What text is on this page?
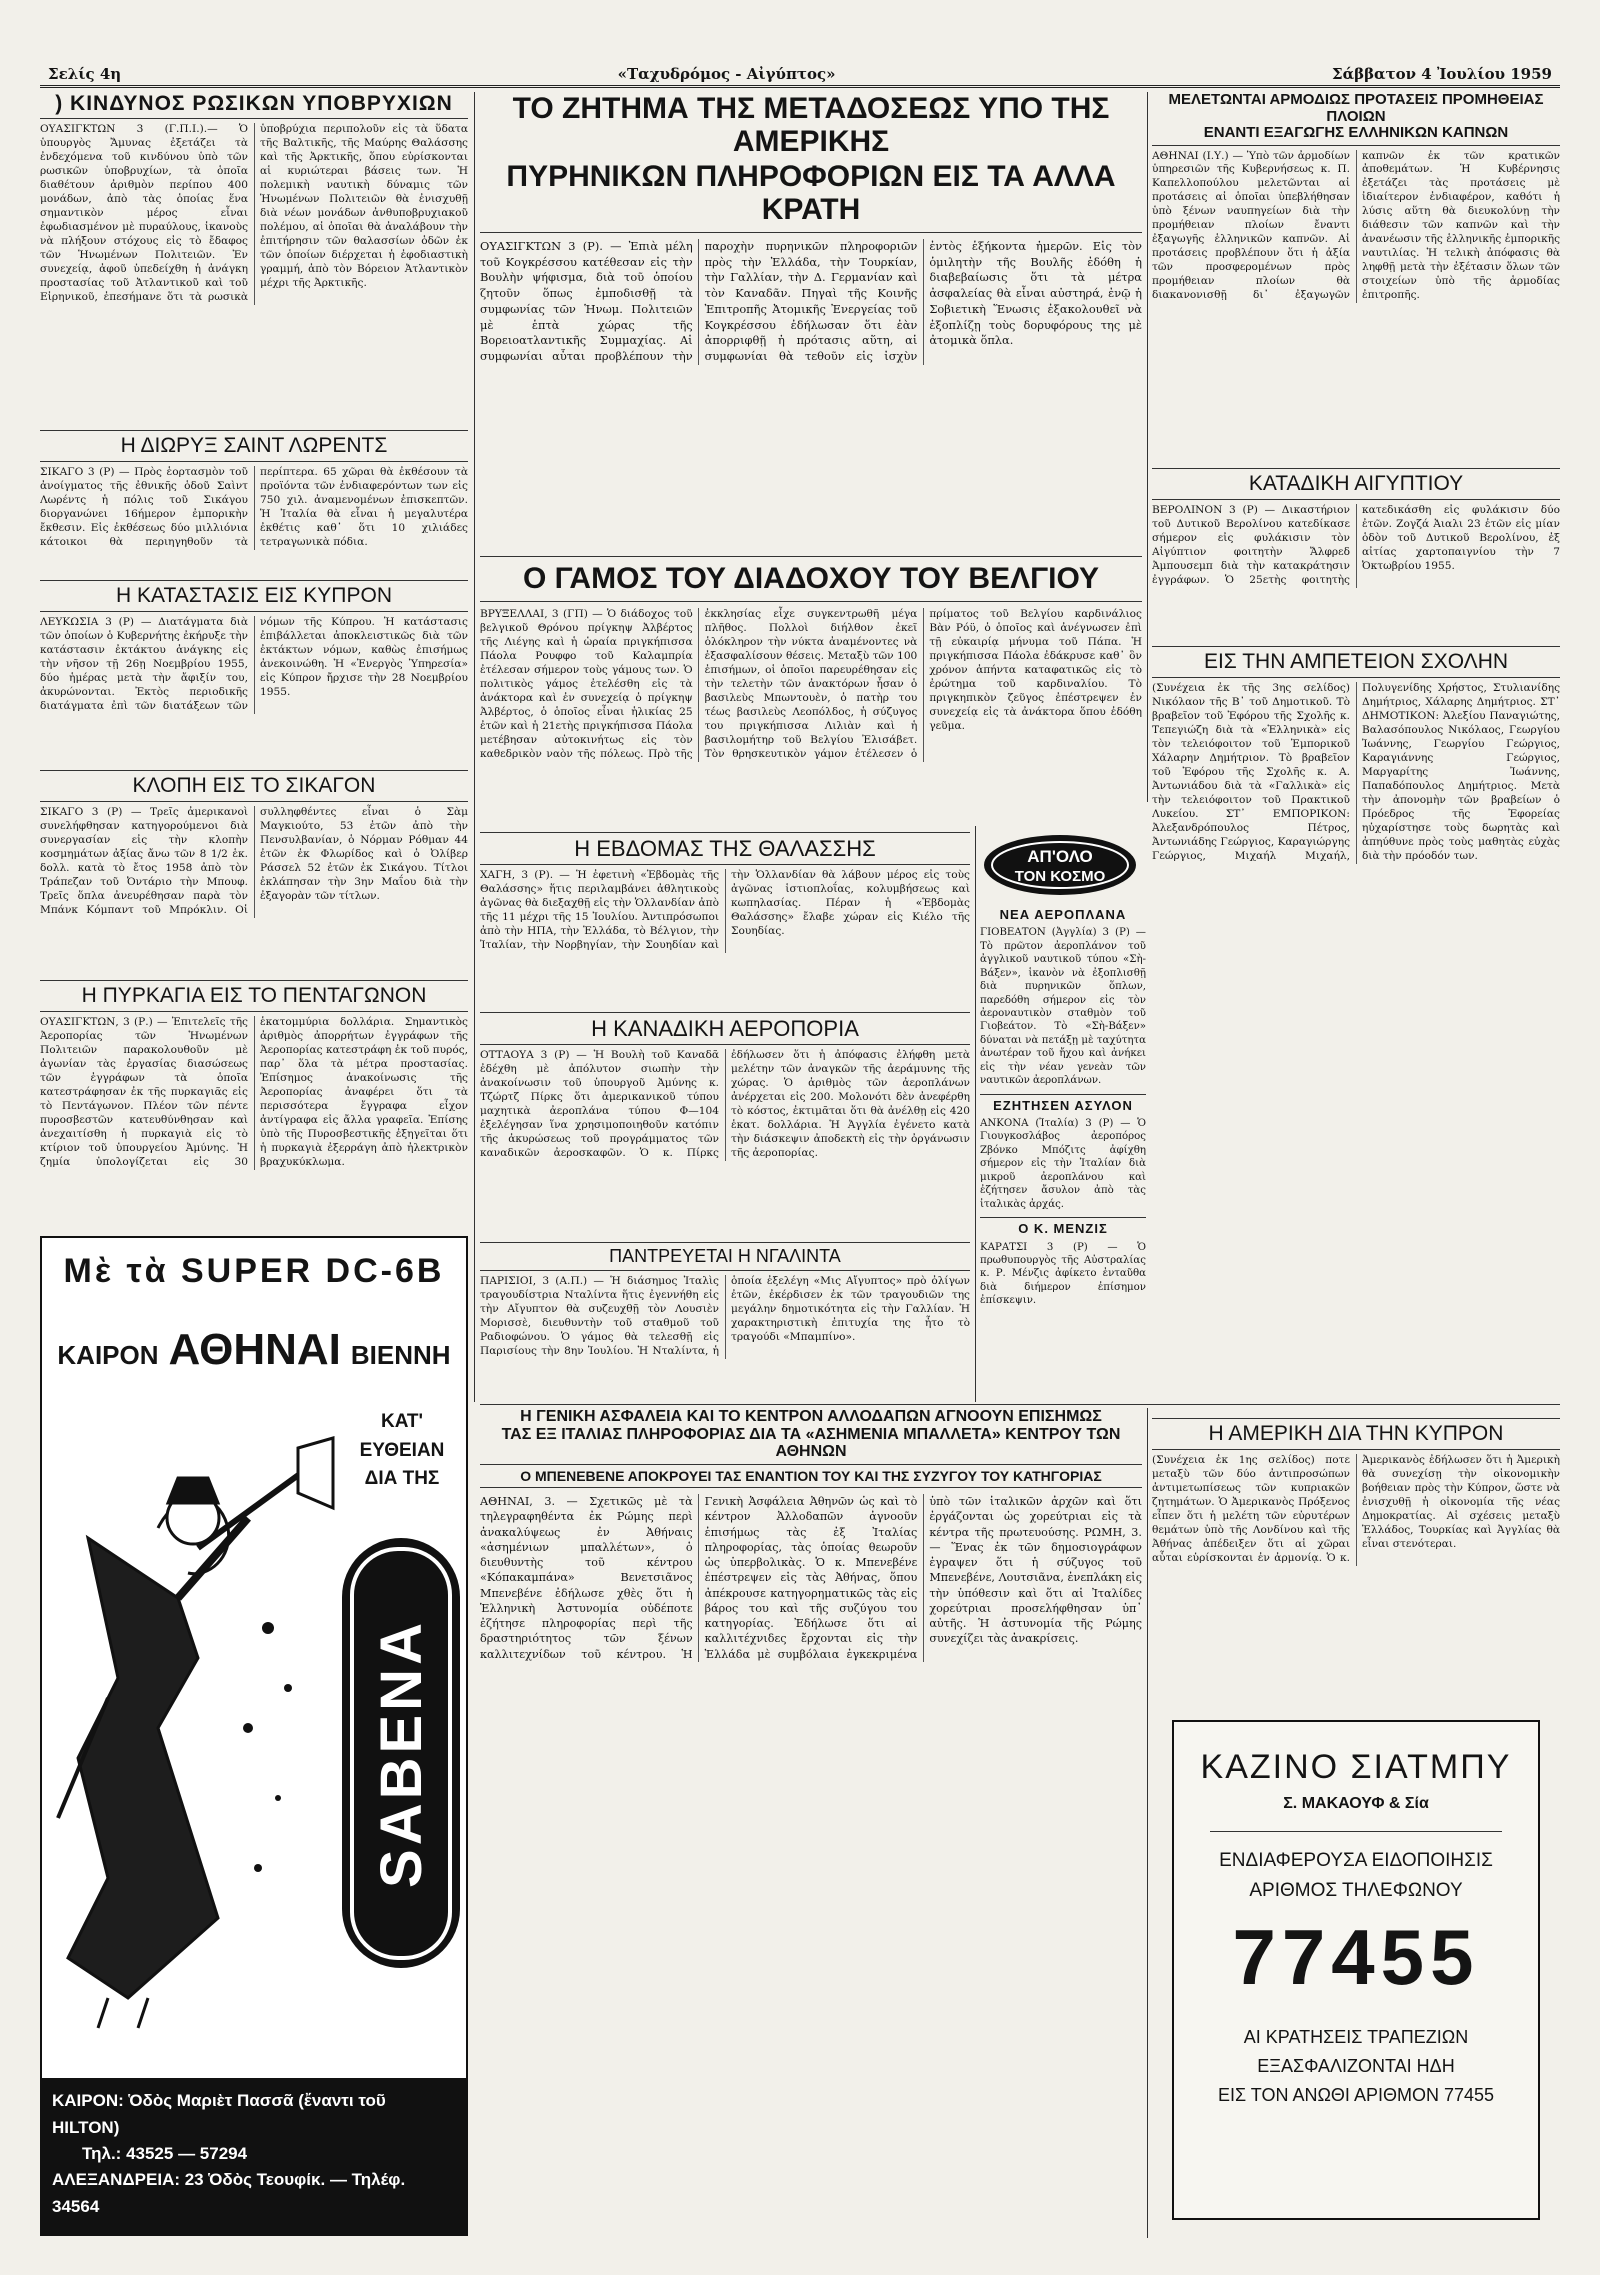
Σελίς 4η	«Ταχυδρόμος - Αἰγύπτος»	Σάββατον 4 Ἰουλίου 1959
) ΚΙΝΔΥΝΟΣ ΡΩΣΙΚΩΝ ΥΠΟΒΡΥΧΙΩΝ
ΟΥΑΣΙΓΚΤΩΝ 3 (Γ.Π.Ι.).— Ὁ ὑπουργὸς Ἄμυνας ἐξετάζει τὰ ἐνδεχόμενα τοῦ κινδύνου ὑπὸ τῶν ρωσικῶν ὑποβρυχίων, τὰ ὁποῖα διαθέτουν ἀριθμὸν περίπου 400 μονάδων, ἀπὸ τὰς ὁποίας ἕνα σημαντικὸν μέρος εἶναι ἐφωδιασμένον μὲ πυραύλους, ἱκανοὺς νὰ πλήξουν στόχους εἰς τὸ ἔδαφος τῶν Ἡνωμένων Πολιτειῶν. Ἐν συνεχείᾳ, ἀφοῦ ὑπεδείχθη ἡ ἀνάγκη προστασίας τοῦ Ἀτλαντικοῦ καὶ τοῦ Εἰρηνικοῦ, ἐπεσήμανε ὅτι τὰ ρωσικὰ ὑποβρύχια περιπολοῦν εἰς τὰ ὕδατα τῆς Βαλτικῆς, τῆς Μαύρης Θαλάσσης καὶ τῆς Ἀρκτικῆς, ὅπου εὑρίσκονται αἱ κυριώτεραι βάσεις των. Ἡ πολεμικὴ ναυτικὴ δύναμις τῶν Ἡνωμένων Πολιτειῶν θὰ ἐνισχυθῇ διὰ νέων μονάδων ἀνθυποβρυχιακοῦ πολέμου, αἱ ὁποῖαι θὰ ἀναλάβουν τὴν ἐπιτήρησιν τῶν θαλασσίων ὁδῶν ἐκ τῶν ὁποίων διέρχεται ἡ ἐφοδιαστικὴ γραμμή, ἀπὸ τὸν Βόρειον Ἀτλαντικὸν μέχρι τῆς Ἀρκτικῆς.
Η ΔΙΩΡΥΞ ΣΑΙΝΤ ΛΩΡΕΝΤΣ
ΣΙΚΑΓΟ 3 (Ρ) — Πρὸς ἑορτασμὸν τοῦ ἀνοίγματος τῆς ἐθνικῆς ὁδοῦ Σαὶντ Λωρέντς ἡ πόλις τοῦ Σικάγου διοργανώνει 16ήμερον ἐμπορικὴν ἔκθεσιν. Εἰς ἐκθέσεως δύο μιλλιόνια κάτοικοι θὰ περιηγηθοῦν τὰ περίπτερα. 65 χῶραι θὰ ἐκθέσουν τὰ προϊόντα τῶν ἐνδιαφερόντων των εἰς 750 χιλ. ἀναμενομένων ἐπισκεπτῶν. Ἡ Ἰταλία θὰ εἶναι ἡ μεγαλυτέρα ἐκθέτις καθ᾽ ὅτι 10 χιλιάδες τετραγωνικὰ πόδια.
Η ΚΑΤΑΣΤΑΣΙΣ ΕΙΣ ΚΥΠΡΟΝ
ΛΕΥΚΩΣΙΑ 3 (Ρ) — Διατάγματα διὰ τῶν ὁποίων ὁ Κυβερνήτης ἐκήρυξε τὴν κατάστασιν ἐκτάκτου ἀνάγκης εἰς τὴν νῆσον τῇ 26ῃ Νοεμβρίου 1955, δύο ἡμέρας μετὰ τὴν ἄφιξίν του, ἀκυρώνονται. Ἐκτὸς περιοδικῆς διατάγματα ἐπὶ τῶν διατάξεων τῶν νόμων τῆς Κύπρου. Ἡ κατάστασις ἐπιβάλλεται ἀποκλειστικῶς διὰ τῶν ἐκτάκτων νόμων, καθὼς ἐπισήμως ἀνεκοινώθη. Ἡ «Ἐνεργὸς Ὑπηρεσία» εἰς Κύπρον ἤρχισε τὴν 28 Νοεμβρίου 1955.
ΚΛΟΠΗ ΕΙΣ ΤΟ ΣΙΚΑΓΟΝ
ΣΙΚΑΓΟ 3 (Ρ) — Τρεῖς ἀμερικανοὶ συνελήφθησαν κατηγορούμενοι διὰ συνεργασίαν εἰς τὴν κλοπὴν κοσμημάτων ἀξίας ἄνω τῶν 8 1/2 ἑκ. δολλ. κατὰ τὸ ἔτος 1958 ἀπὸ τὸν Τράπεζαν τοῦ Ὀντάριο τὴν Μπουφ. Τρεῖς ὅπλα ἀνευρέθησαν παρὰ τὸν Μπάνκ Κόμπαντ τοῦ Μπρόκλιν. Οἱ συλληφθέντες εἶναι ὁ Σὰμ Μαγκιούτο, 53 ἐτῶν ἀπὸ τὴν Πενσυλβανίαν, ὁ Νόρμαν Ρόθμαν 44 ἐτῶν ἐκ Φλωρίδος καὶ ὁ Ὀλίβερ Ράσσελ 52 ἐτῶν ἐκ Σικάγου. Τίτλοι ἐκλάπησαν τὴν 3ην Μαΐου διὰ τὴν ἐξαγορὰν τῶν τίτλων.
Η ΠΥΡΚΑΓΙΑ ΕΙΣ ΤΟ ΠΕΝΤΑΓΩΝΟΝ
ΟΥΑΣΙΓΚΤΩΝ, 3 (Ρ.) — Ἐπιτελεῖς τῆς Ἀεροπορίας τῶν Ἡνωμένων Πολιτειῶν παρακολουθοῦν μὲ ἀγωνίαν τὰς ἐργασίας διασώσεως τῶν ἐγγράφων τὰ ὁποῖα κατεστράφησαν ἐκ τῆς πυρκαγιᾶς εἰς τὸ Πεντάγωνον. Πλέον τῶν πέντε πυροσβεστῶν κατευθύνθησαν καὶ ἀνεχαιτίσθη ἡ πυρκαγιὰ εἰς τὸ κτίριον τοῦ ὑπουργείου Ἀμύνης. Ἡ ζημία ὑπολογίζεται εἰς 30 ἑκατομμύρια δολλάρια. Σημαντικὸς ἀριθμὸς ἀπορρήτων ἐγγράφων τῆς Ἀεροπορίας κατεστράφη ἐκ τοῦ πυρός, παρ᾽ ὅλα τὰ μέτρα προστασίας. Ἐπίσημος ἀνακοίνωσις τῆς Ἀεροπορίας ἀναφέρει ὅτι τὰ περισσότερα ἔγγραφα εἶχον ἀντίγραφα εἰς ἄλλα γραφεῖα. Ἐπίσης ὑπὸ τῆς Πυροσβεστικῆς ἐξηγεῖται ὅτι ἡ πυρκαγιὰ ἐξερράγη ἀπὸ ἠλεκτρικὸν βραχυκύκλωμα.
Μὲ τὰ SUPER DC-6B
ΚΑΙΡΟΝ ΑΘΗΝΑΙ ΒΙΕΝΝΗ
ΚΑΤ' ΕΥΘΕΙΑΝ
ΔΙΑ ΤΗΣ
SABENA
ΚΑΙΡΟΝ: Ὁδὸς Μαριὲτ Πασσᾶ (ἔναντι τοῦ HILTON)
Τηλ.: 43525 — 57294
ΑΛΕΞΑΝΔΡΕΙΑ: 23 Ὁδὸς Τεουφίκ. — Τηλέφ. 34564
ΤΟ ΖΗΤΗΜΑ ΤΗΣ ΜΕΤΑΔΟΣΕΩΣ ΥΠΟ ΤΗΣ ΑΜΕΡΙΚΗΣ
ΠΥΡΗΝΙΚΩΝ ΠΛΗΡΟΦΟΡΙΩΝ ΕΙΣ ΤΑ ΑΛΛΑ ΚΡΑΤΗ
ΟΥΑΣΙΓΚΤΩΝ 3 (Ρ). — Ἐπιὰ μέλη τοῦ Κογκρέσσου κατέθεσαν εἰς τὴν Βουλὴν ψήφισμα, διὰ τοῦ ὁποίου ζητοῦν ὅπως ἐμποδισθῇ τὰ συμφωνίας τῶν Ἡνωμ. Πολιτειῶν μὲ ἑπτὰ χώρας τῆς Βορειοατλαντικῆς Συμμαχίας. Αἱ συμφωνίαι αὗται προβλέπουν τὴν παροχὴν πυρηνικῶν πληροφοριῶν πρὸς τὴν Ἑλλάδα, τὴν Τουρκίαν, τὴν Γαλλίαν, τὴν Δ. Γερμανίαν καὶ τὸν Καναδᾶν. Πηγαὶ τῆς Κοινῆς Ἐπιτροπῆς Ἀτομικῆς Ἐνεργείας τοῦ Κογκρέσσου ἐδήλωσαν ὅτι ἐὰν ἀπορριφθῇ ἡ πρότασις αὕτη, αἱ συμφωνίαι θὰ τεθοῦν εἰς ἰσχὺν ἐντὸς ἑξήκοντα ἡμερῶν. Εἰς τὸν ὁμιλητὴν τῆς Βουλῆς ἐδόθη ἡ διαβεβαίωσις ὅτι τὰ μέτρα ἀσφαλείας θὰ εἶναι αὐστηρά, ἐνῷ ἡ Σοβιετικὴ Ἕνωσις ἐξακολουθεῖ νὰ ἐξοπλίζῃ τοὺς δορυφόρους της μὲ ἀτομικὰ ὅπλα.
ΜΕΛΕΤΩΝΤΑΙ ΑΡΜΟΔΙΩΣ ΠΡΟΤΑΣΕΙΣ ΠΡΟΜΗΘΕΙΑΣ ΠΛΟΙΩΝ
ΕΝΑΝΤΙ ΕΞΑΓΩΓΗΣ ΕΛΛΗΝΙΚΩΝ ΚΑΠΝΩΝ
ΑΘΗΝΑΙ (Ι.Υ.) — Ὑπὸ τῶν ἀρμοδίων ὑπηρεσιῶν τῆς Κυβερνήσεως κ. Π. Καπελλοπούλου μελετῶνται αἱ προτάσεις αἱ ὁποῖαι ὑπεβλήθησαν ὑπὸ ξένων ναυπηγείων διὰ τὴν προμήθειαν πλοίων ἔναντι ἐξαγωγῆς ἑλληνικῶν καπνῶν. Αἱ προτάσεις προβλέπουν ὅτι ἡ ἀξία τῶν προσφερομένων πρὸς προμήθειαν πλοίων θὰ διακανονισθῇ δι᾽ ἐξαγωγῶν καπνῶν ἐκ τῶν κρατικῶν ἀποθεμάτων. Ἡ Κυβέρνησις ἐξετάζει τὰς προτάσεις μὲ ἰδιαίτερον ἐνδιαφέρον, καθότι ἡ λύσις αὕτη θὰ διευκολύνῃ τὴν διάθεσιν τῶν καπνῶν καὶ τὴν ἀνανέωσιν τῆς ἑλληνικῆς ἐμπορικῆς ναυτιλίας. Ἡ τελικὴ ἀπόφασις θὰ ληφθῇ μετὰ τὴν ἐξέτασιν ὅλων τῶν στοιχείων ὑπὸ τῆς ἁρμοδίας ἐπιτροπῆς.
ΚΑΤΑΔΙΚΗ ΑΙΓΥΠΤΙΟΥ
ΒΕΡΟΛΙΝΟΝ 3 (Ρ) — Δικαστήριον τοῦ Δυτικοῦ Βερολίνου κατεδίκασε σήμερον εἰς φυλάκισιν τὸν Αἰγύπτιον φοιτητὴν Ἄλφρεδ Ἀμπουσεμπ διὰ τὴν κατακράτησιν ἐγγράφων. Ὁ 25ετὴς φοιτητὴς κατεδικάσθη εἰς φυλάκισιν δύο ἐτῶν. Ζογζά Ἀιαλι 23 ἐτῶν εἰς μίαν ὁδὸν τοῦ Δυτικοῦ Βερολίνου, ἐξ αἰτίας χαρτοπαιγνίου τὴν 7 Ὀκτωβρίου 1955.
Ο ΓΑΜΟΣ ΤΟΥ ΔΙΑΔΟΧΟΥ ΤΟΥ ΒΕΛΓΙΟΥ
ΒΡΥΞΕΛΛΑΙ, 3 (ΓΠ) — Ὁ διάδοχος τοῦ βελγικοῦ Θρόνου πρίγκηψ Ἀλβέρτος τῆς Λιέγης καὶ ἡ ὡραία πριγκήπισσα Πάολα Ρουφφο τοῦ Καλαμπρία ἐτέλεσαν σήμερον τοὺς γάμους των. Ὁ πολιτικὸς γάμος ἐτελέσθη εἰς τὰ ἀνάκτορα καὶ ἐν συνεχείᾳ ὁ πρίγκηψ Ἀλβέρτος, ὁ ὁποῖος εἶναι ἡλικίας 25 ἐτῶν καὶ ἡ 21ετὴς πριγκήπισσα Πάολα μετέβησαν αὐτοκινήτως εἰς τὸν καθεδρικὸν ναὸν τῆς πόλεως. Πρὸ τῆς ἐκκλησίας εἶχε συγκεντρωθῆ μέγα πλῆθος. Πολλοὶ διήλθον ἐκεῖ ὁλόκληρον τὴν νύκτα ἀναμένοντες νὰ ἐξασφαλίσουν θέσεις. Μεταξὺ τῶν 100 ἐπισήμων, οἱ ὁποῖοι παρευρέθησαν εἰς τὴν τελετὴν τῶν ἀνακτόρων ἦσαν ὁ βασιλεὺς Μπωντουὲν, ὁ πατὴρ του τέως βασιλεὺς Λεοπόλδος, ἡ σύζυγος του πριγκήπισσα Λιλιὰν καὶ ἡ βασιλομήτηρ τοῦ Βελγίου Ἐλισάβετ. Τὸν θρησκευτικὸν γάμον ἐτέλεσεν ὁ πρίματος τοῦ Βελγίου καρδινάλιος Βὰν Ρόϋ, ὁ ὁποῖος καὶ ἀνέγνωσεν ἐπὶ τῇ εὐκαιρίᾳ μήνυμα τοῦ Πάπα. Ἡ πριγκήπισσα Πάολα ἐδάκρυσε καθ᾽ ὃν χρόνον ἀπήντα καταφατικῶς εἰς τὸ ἐρώτημα τοῦ καρδιναλίου. Τὸ πριγκηπικὸν ζεῦγος ἐπέστρεψεν ἐν συνεχείᾳ εἰς τὰ ἀνάκτορα ὅπου ἐδόθη γεῦμα.
ΕΙΣ ΤΗΝ ΑΜΠΕΤΕΙΟΝ ΣΧΟΛΗΝ
(Συνέχεια ἐκ τῆς 3ης σελίδος) Νικόλαον τῆς Β᾽ τοῦ Δημοτικοῦ. Τὸ βραβεῖον τοῦ Ἐφόρου τῆς Σχολῆς κ. Τεπεγιώζη διὰ τὰ «Ἑλληνικὰ» εἰς τὸν τελειόφοιτον τοῦ Ἐμπορικοῦ Χάλαρην Δημήτριον. Τὸ βραβεῖον τοῦ Ἐφόρου τῆς Σχολῆς κ. Α. Ἀντωνιάδου διὰ τὰ «Γαλλικὰ» εἰς τὴν τελειόφοιτον τοῦ Πρακτικοῦ Λυκείου. ΣΤ᾽ ΕΜΠΟΡΙΚΟΝ: Ἀλεξανδρόπουλος Πέτρος, Ἀντωνιάδης Γεώργιος, Καραγιώργης Γεώργιος, Μιχαήλ Μιχαήλ, Πολυγενίδης Χρήστος, Στυλιανίδης Δημήτριος, Χάλαρης Δημήτριος. ΣΤ᾽ ΔΗΜΟΤΙΚΟΝ: Ἀλεξίου Παναγιώτης, Βαλασόπουλος Νικόλαος, Γεωργίου Ἰωάννης, Γεωργίου Γεώργιος, Καραγιάννης Γεώργιος, Μαργαρίτης Ἰωάννης, Παπαδόπουλος Δημήτριος. Μετὰ τὴν ἀπονομὴν τῶν βραβείων ὁ Πρόεδρος τῆς Ἐφορείας ηὐχαρίστησε τοὺς δωρητὰς καὶ ἀπηύθυνε πρὸς τοὺς μαθητὰς εὐχὰς διὰ τὴν πρόοδόν των.
Η ΕΒΔΟΜΑΣ ΤΗΣ ΘΑΛΑΣΣΗΣ
ΧΑΓΗ, 3 (Ρ). — Ἡ ἐφετινὴ «Ἑβδομὰς τῆς Θαλάσσης» ἥτις περιλαμβάνει ἀθλητικοὺς ἀγῶνας θὰ διεξαχθῇ εἰς τὴν Ὁλλανδίαν ἀπὸ τῆς 11 μέχρι τῆς 15 Ἰουλίου. Ἀντιπρόσωποι ἀπὸ τὴν ΗΠΑ, τὴν Ἑλλάδα, τὸ Βέλγιον, τὴν Ἰταλίαν, τὴν Νορβηγίαν, τὴν Σουηδίαν καὶ τὴν Ὁλλανδίαν θὰ λάβουν μέρος εἰς τοὺς ἀγῶνας ἱστιοπλοΐας, κολυμβήσεως καὶ κωπηλασίας. Πέραν ἡ «Ἑβδομὰς Θαλάσσης» ἔλαβε χώραν εἰς Κιέλο τῆς Σουηδίας.
Η ΚΑΝΑΔΙΚΗ ΑΕΡΟΠΟΡΙΑ
ΟΤΤΑΟΥΑ 3 (Ρ) — Ἡ Βουλὴ τοῦ Καναδᾶ ἐδέχθη μὲ ἀπόλυτον σιωπὴν τὴν ἀνακοίνωσιν τοῦ ὑπουργοῦ Ἀμύνης κ. Τζώρτζ Πίρκς ὅτι ἀμερικανικοῦ τύπου μαχητικὰ ἀεροπλάνα τύπου Φ—104 ἐξελέγησαν ἵνα χρησιμοποιηθοῦν κατόπιν τῆς ἀκυρώσεως τοῦ προγράμματος τῶν καναδικῶν ἀεροσκαφῶν. Ὁ κ. Πίρκς ἐδήλωσεν ὅτι ἡ ἀπόφασις ἐλήφθη μετὰ μελέτην τῶν ἀναγκῶν τῆς ἀεράμυνης τῆς χώρας. Ὁ ἀριθμὸς τῶν ἀεροπλάνων ἀνέρχεται εἰς 200. Μολονότι δὲν ἀνεφέρθη τὸ κόστος, ἐκτιμᾶται ὅτι θὰ ἀνέλθῃ εἰς 420 ἑκατ. δολλάρια. Ἡ Ἀγγλία ἐγένετο κατὰ τὴν διάσκεψιν ἀποδεκτὴ εἰς τὴν ὀργάνωσιν τῆς ἀεροπορίας.
ΠΑΝΤΡΕΥΕΤΑΙ Η ΝΓΑΛΙΝΤΑ
ΠΑΡΙΣΙΟΙ, 3 (Α.Π.) — Ἡ διάσημος Ἰταλὶς τραγουδίστρια Νταλίντα ἥτις ἐγεννήθη εἰς τὴν Αἴγυπτον θὰ συζευχθῇ τὸν Λουσιὲν Μορισσὲ, διευθυντὴν τοῦ σταθμοῦ τοῦ Ραδιοφώνου. Ὁ γάμος θὰ τελεσθῇ εἰς Παρισίους τὴν 8ην Ἰουλίου. Ἡ Νταλίντα, ἡ ὁποία ἐξελέγη «Μις Αἴγυπτος» πρὸ ὀλίγων ἐτῶν, ἐκέρδισεν ἐκ τῶν τραγουδιῶν της μεγάλην δημοτικότητα εἰς τὴν Γαλλίαν. Ἡ χαρακτηριστικὴ ἐπιτυχία της ἦτο τὸ τραγούδι «Μπαμπίνο».
ΑΠ'ΟΛΟ
ΤΟΝ ΚΟΣΜΟ
ΝΕΑ ΑΕΡΟΠΛΑΝΑ
ΓΙΟΒΕΑΤΟΝ (Ἀγγλία) 3 (Ρ) — Τὸ πρῶτον ἀεροπλάνον τοῦ ἀγγλικοῦ ναυτικοῦ τύπου «Σὴ-Βάξεν», ἱκανὸν νὰ ἐξοπλισθῇ διὰ πυρηνικῶν ὅπλων, παρεδόθη σήμερον εἰς τὸν ἀεροναυτικὸν σταθμὸν τοῦ Γιοβεάτον. Τὸ «Σὴ-Βάξεν» δύναται νὰ πετάξῃ μὲ ταχύτητα ἀνωτέραν τοῦ ἤχου καὶ ἀνήκει εἰς τὴν νέαν γενεὰν τῶν ναυτικῶν ἀεροπλάνων.
ΕΖΗΤΗΣΕΝ ΑΣΥΛΟΝ
ΑΝΚΟΝΑ (Ἰταλία) 3 (Ρ) — Ὁ Γιουγκοσλάβος ἀεροπόρος Ζβόνκο Μπόζιτς ἀφίχθη σήμερον εἰς τὴν Ἰταλίαν διὰ μικροῦ ἀεροπλάνου καὶ ἐζήτησεν ἄσυλον ἀπὸ τὰς ἰταλικὰς ἀρχάς.
Ο Κ. ΜΕΝΖΙΣ
ΚΑΡΑΤΣΙ 3 (Ρ) — Ὁ πρωθυπουργὸς τῆς Αὐστραλίας κ. Ρ. Μένζις ἀφίκετο ἐνταῦθα διὰ διήμερον ἐπίσημον ἐπίσκεψιν.
Η ΓΕΝΙΚΗ ΑΣΦΑΛΕΙΑ ΚΑΙ ΤΟ ΚΕΝΤΡΟΝ ΑΛΛΟΔΑΠΩΝ ΑΓΝΟΟΥΝ ΕΠΙΣΗΜΩΣ
ΤΑΣ ΕΞ ΙΤΑΛΙΑΣ ΠΛΗΡΟΦΟΡΙΑΣ ΔΙΑ ΤΑ «ΑΣΗΜΕΝΙΑ ΜΠΑΛΛΕΤΑ» ΚΕΝΤΡΟΥ ΤΩΝ ΑΘΗΝΩΝ
Ο ΜΠΕΝΕΒΕΝΕ ΑΠΟΚΡΟΥΕΙ ΤΑΣ ΕΝΑΝΤΙΟΝ ΤΟΥ ΚΑΙ ΤΗΣ ΣΥΖΥΓΟΥ ΤΟΥ ΚΑΤΗΓΟΡΙΑΣ
ΑΘΗΝΑΙ, 3. — Σχετικῶς μὲ τὰ τηλεγραφηθέντα ἐκ Ρώμης περὶ ἀνακαλύψεως ἐν Ἀθήναις «ἀσημένιων μπαλλέτων», ὁ διευθυντὴς τοῦ κέντρου «Κόπακαμπάνα» Βενετσιᾶνος Μπενεβένε ἐδήλωσε χθὲς ὅτι ἡ Ἑλληνικὴ Ἀστυνομία οὐδέποτε ἐζήτησε πληροφορίας περὶ τῆς δραστηριότητος τῶν ξένων καλλιτεχνίδων τοῦ κέντρου. Ἡ Γενικὴ Ἀσφάλεια Ἀθηνῶν ὡς καὶ τὸ κέντρον Ἀλλοδαπῶν ἀγνοοῦν ἐπισήμως τὰς ἐξ Ἰταλίας πληροφορίας, τὰς ὁποίας θεωροῦν ὡς ὑπερβολικὰς. Ὁ κ. Μπενεβένε ἐπέστρεψεν εἰς τὰς Ἀθήνας, ὅπου ἀπέκρουσε κατηγορηματικῶς τὰς εἰς βάρος του καὶ τῆς συζύγου του κατηγορίας. Ἐδήλωσε ὅτι αἱ καλλιτέχνιδες ἔρχονται εἰς τὴν Ἑλλάδα μὲ συμβόλαια ἐγκεκριμένα ὑπὸ τῶν ἰταλικῶν ἀρχῶν καὶ ὅτι ἐργάζονται ὡς χορεύτριαι εἰς τὰ κέντρα τῆς πρωτευούσης. ΡΩΜΗ, 3. — Ἕνας ἐκ τῶν δημοσιογράφων ἐγραψεν ὅτι ἡ σύζυγος τοῦ Μπενεβένε, Λουτσιᾶνα, ἐνεπλάκη εἰς τὴν ὑπόθεσιν καὶ ὅτι αἱ Ἰταλίδες χορεύτριαι προσελήφθησαν ὑπ᾽ αὐτῆς. Ἡ ἀστυνομία τῆς Ρώμης συνεχίζει τὰς ἀνακρίσεις.
Η ΑΜΕΡΙΚΗ ΔΙΑ ΤΗΝ ΚΥΠΡΟΝ
(Συνέχεια ἐκ 1ης σελίδος) ποτε μεταξὺ τῶν δύο ἀντιπροσώπων ἀντιμετωπίσεως τῶν κυπριακῶν ζητημάτων. Ὁ Ἀμερικανὸς Πρόξενος εἶπεν ὅτι ἡ μελέτη τῶν εὐρυτέρων θεμάτων ὑπὸ τῆς Λονδίνου καὶ τῆς Ἀθήνας ἀπέδειξεν ὅτι αἱ χῶραι αὗται εὑρίσκονται ἐν ἀρμονίᾳ. Ὁ κ. Ἀμερικανὸς ἐδήλωσεν ὅτι ἡ Ἀμερικὴ θὰ συνεχίσῃ τὴν οἰκονομικὴν βοήθειαν πρὸς τὴν Κύπρον, ὥστε νὰ ἐνισχυθῇ ἡ οἰκονομία τῆς νέας Δημοκρατίας. Αἱ σχέσεις μεταξὺ Ἑλλάδος, Τουρκίας καὶ Ἀγγλίας θὰ εἶναι στενότεραι.
ΚΑΖΙΝΟ ΣΙΑΤΜΠΥ
Σ. ΜΑΚΑΟΥΦ & Σία
ΕΝΔΙΑΦΕΡΟΥΣΑ ΕΙΔΟΠΟΙΗΣΙΣ
ΑΡΙΘΜΟΣ ΤΗΛΕΦΩΝΟΥ
77455
ΑΙ ΚΡΑΤΗΣΕΙΣ ΤΡΑΠΕΖΙΩΝ
ΕΞΑΣΦΑΛΙΖΟΝΤΑΙ ΗΔΗ
ΕΙΣ ΤΟΝ ΑΝΩΘΙ ΑΡΙΘΜΟΝ 77455
